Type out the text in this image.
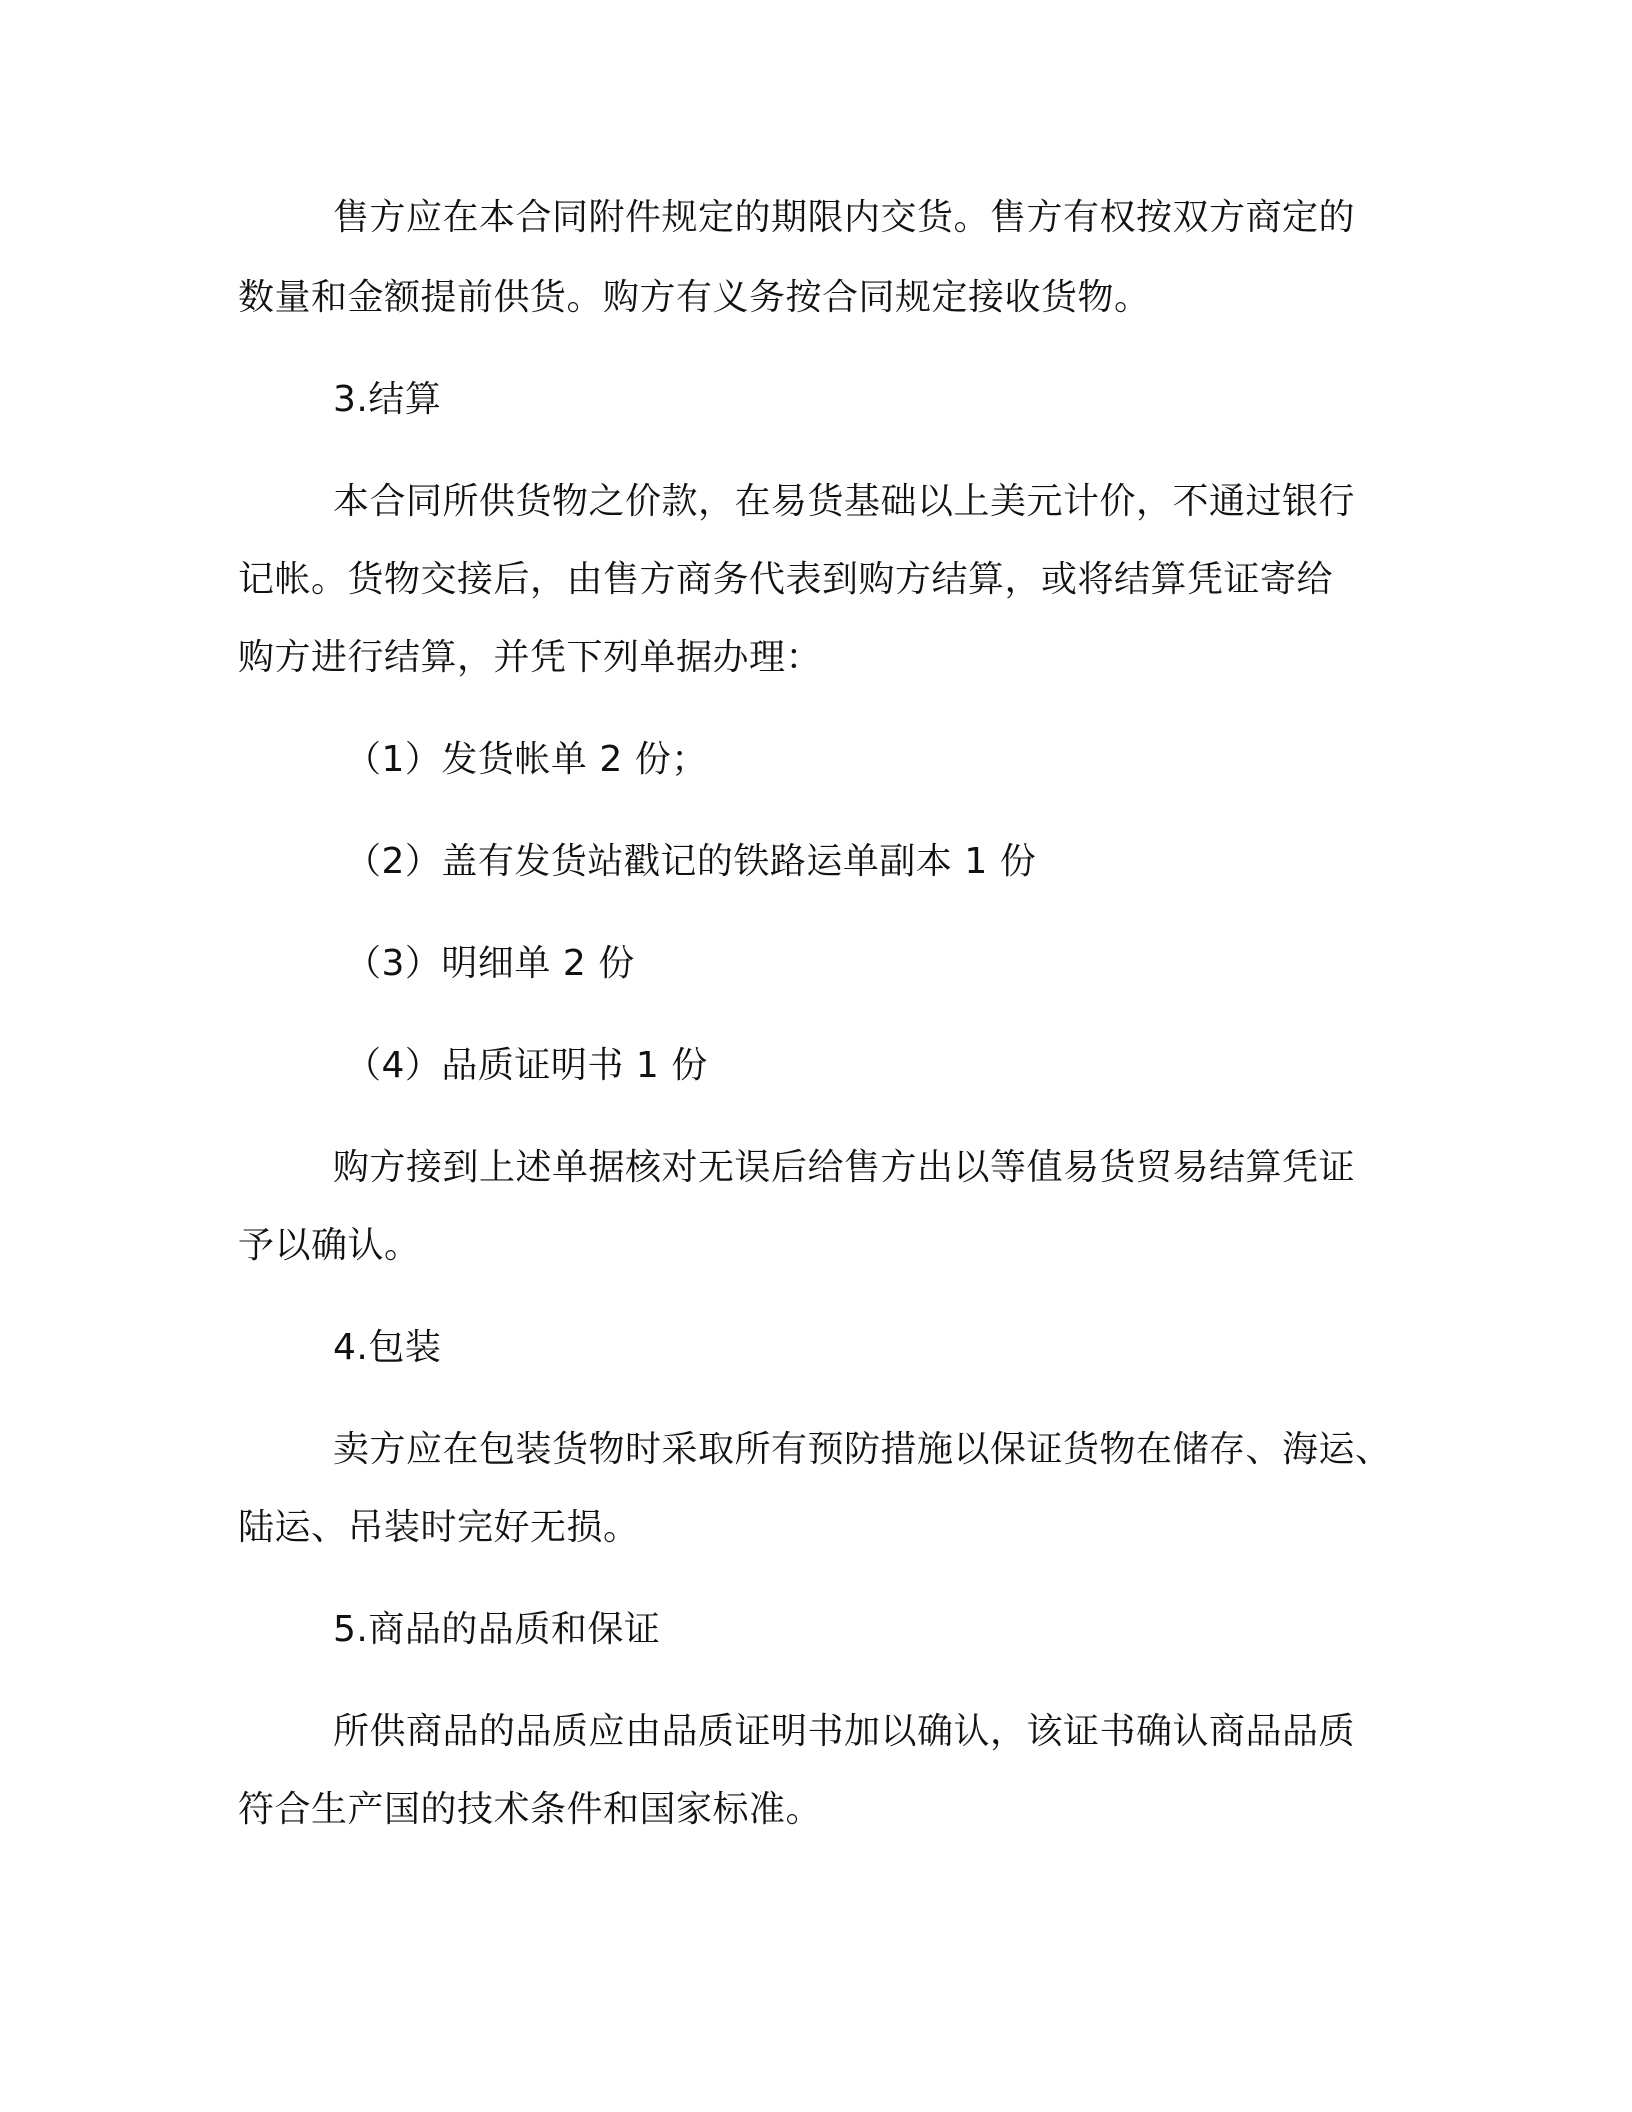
售方应在本合同附件规定的期限内交货。售方有权按双方商定的

数量和金额提前供货。购方有义务按合同规定接收货物。

3.结算

本合同所供货物之价款，在易货基础以上美元计价，不通过银行

记帐。货物交接后，由售方商务代表到购方结算，或将结算凭证寄给

购方进行结算，并凭下列单据办理：

（1）发货帐单 2 份；

（2）盖有发货站戳记的铁路运单副本 1 份

（3）明细单 2 份

（4）品质证明书 1 份

购方接到上述单据核对无误后给售方出以等值易货贸易结算凭证

予以确认。

4.包装

卖方应在包装货物时采取所有预防措施以保证货物在储存、海运、

陆运、吊装时完好无损。

5.商品的品质和保证

所供商品的品质应由品质证明书加以确认，该证书确认商品品质

符合生产国的技术条件和国家标准。
